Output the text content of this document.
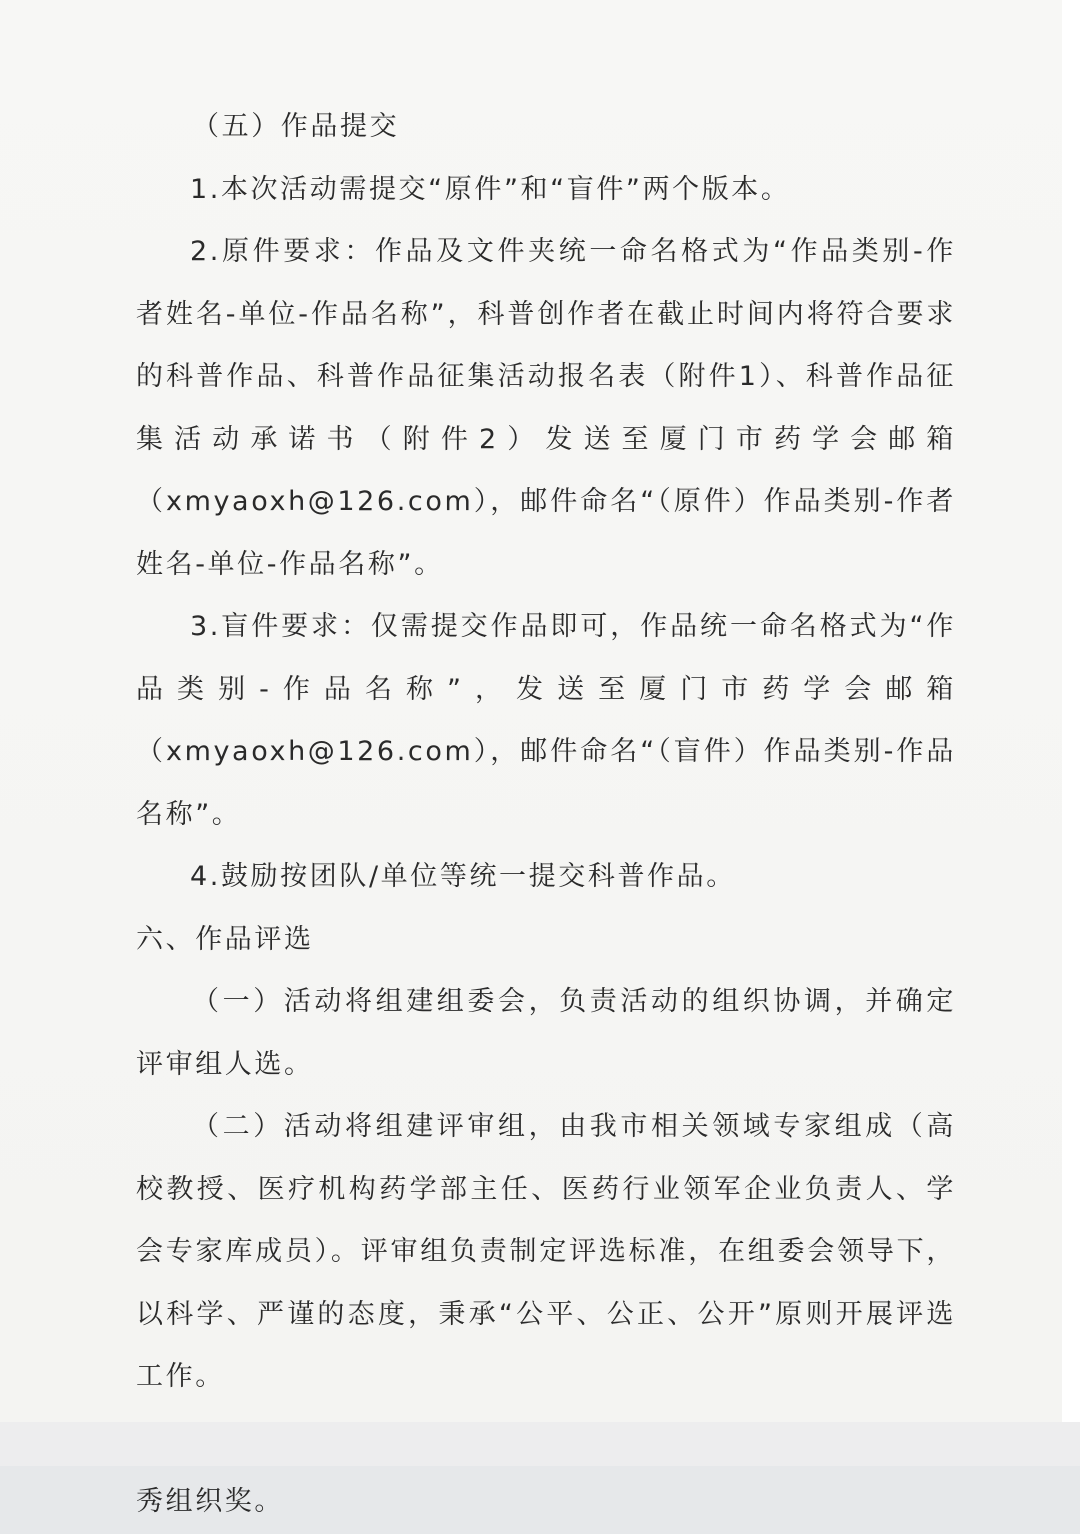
（五）作品提交

1.本次活动需提交“原件”和“盲件”两个版本。

2.原件要求：作品及文件夹统一命名格式为“作品类别-作者姓名-单位-作品名称”，科普创作者在截止时间内将符合要求的科普作品、科普作品征集活动报名表（附件1）、科普作品征集活动承诺书（附件2）发送至厦门市药学会邮箱（xmyaoxh@126.com），邮件命名“（原件）作品类别-作者姓名-单位-作品名称”。

3.盲件要求：仅需提交作品即可，作品统一命名格式为“作品类别-作品名称”，发送至厦门市药学会邮箱（xmyaoxh@126.com），邮件命名“（盲件）作品类别-作品名称”。

4.鼓励按团队/单位等统一提交科普作品。

六、作品评选

（一）活动将组建组委会，负责活动的组织协调，并确定评审组人选。

（二）活动将组建评审组，由我市相关领域专家组成（高校教授、医疗机构药学部主任、医药行业领军企业负责人、学会专家库成员）。评审组负责制定评选标准，在组委会领导下，以科学、严谨的态度，秉承“公平、公正、公开”原则开展评选工作。

秀组织奖。
